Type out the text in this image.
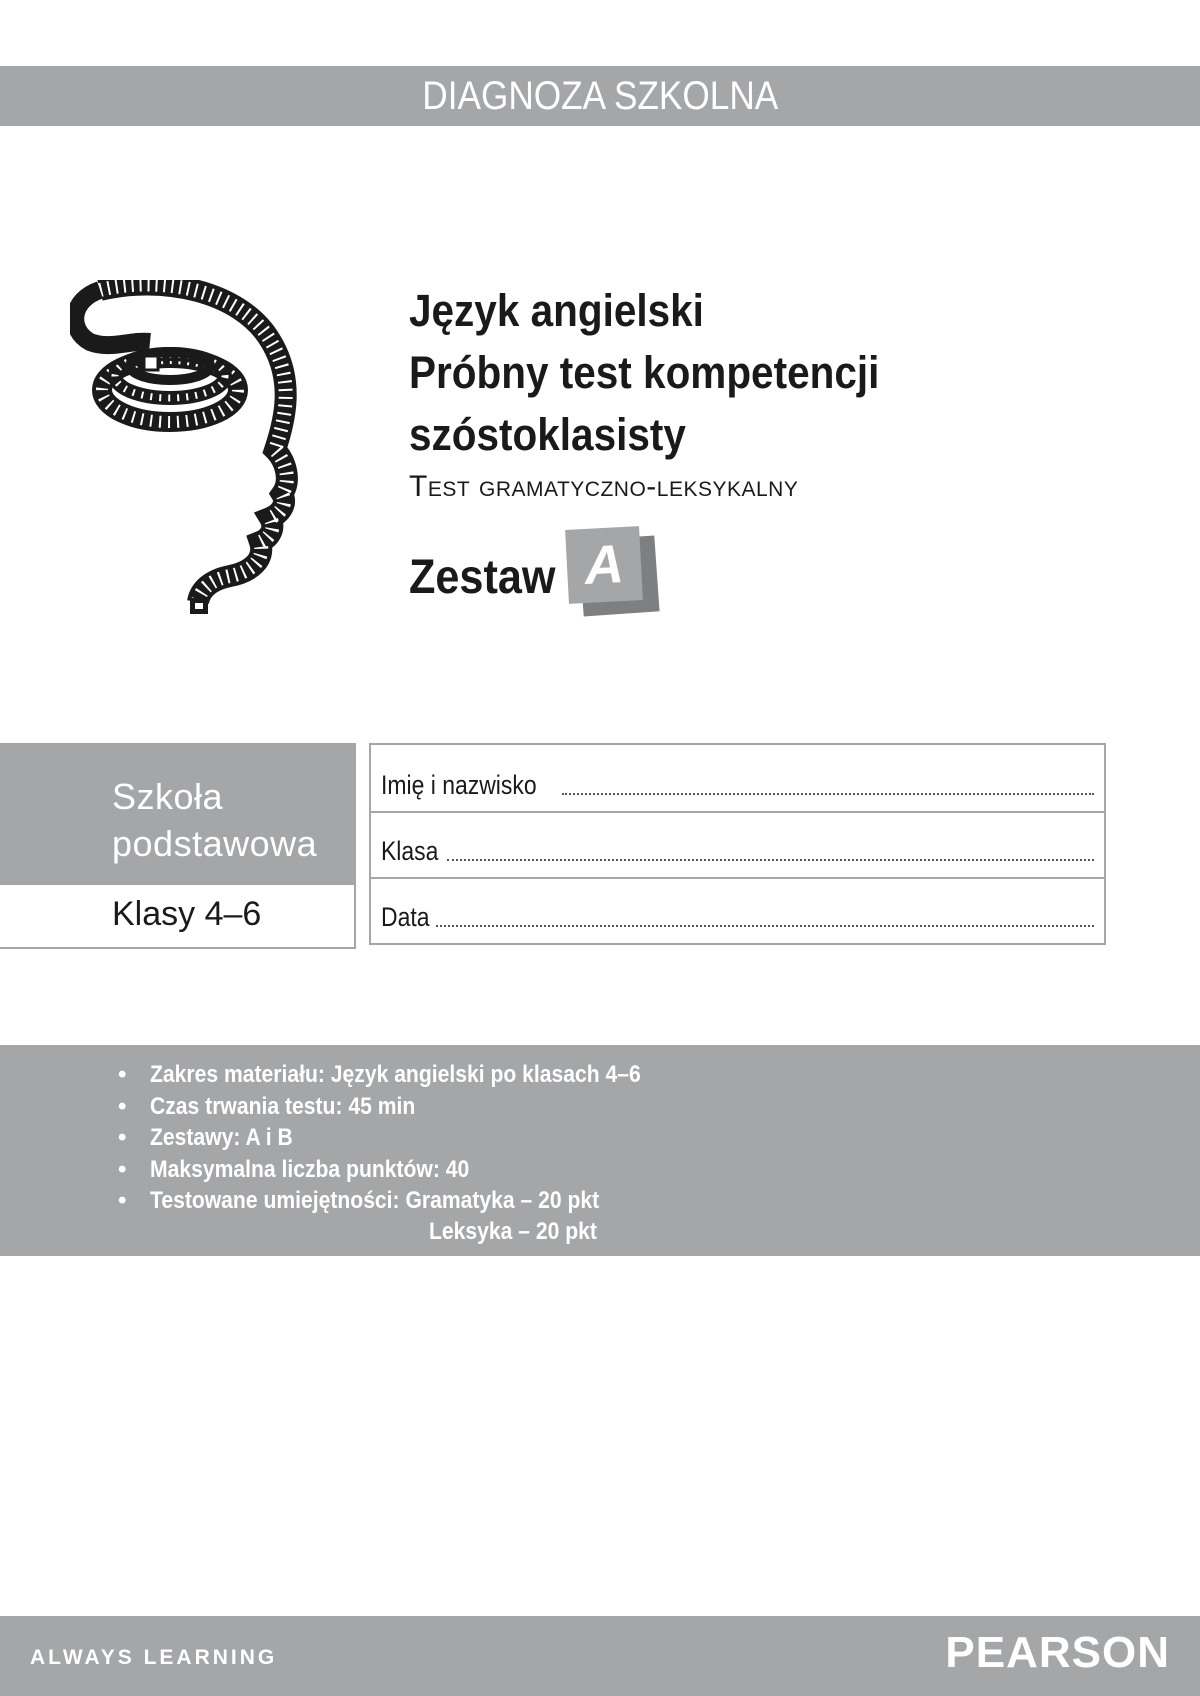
DIAGNOZA SZKOLNA
Język angielski
Próbny test kompetencji
szóstoklasisty
Test gramatyczno-leksykalny
Zestaw A
Szkoła
podstawowa
Klasy 4–6
Imię i nazwisko
Klasa
Data
• Zakres materiału: Język angielski po klasach 4–6
• Czas trwania testu: 45 min
• Zestawy: A i B
• Maksymalna liczba punktów: 40
• Testowane umiejętności: Gramatyka – 20 pkt
Leksyka – 20 pkt
ALWAYS LEARNING	PEARSON
